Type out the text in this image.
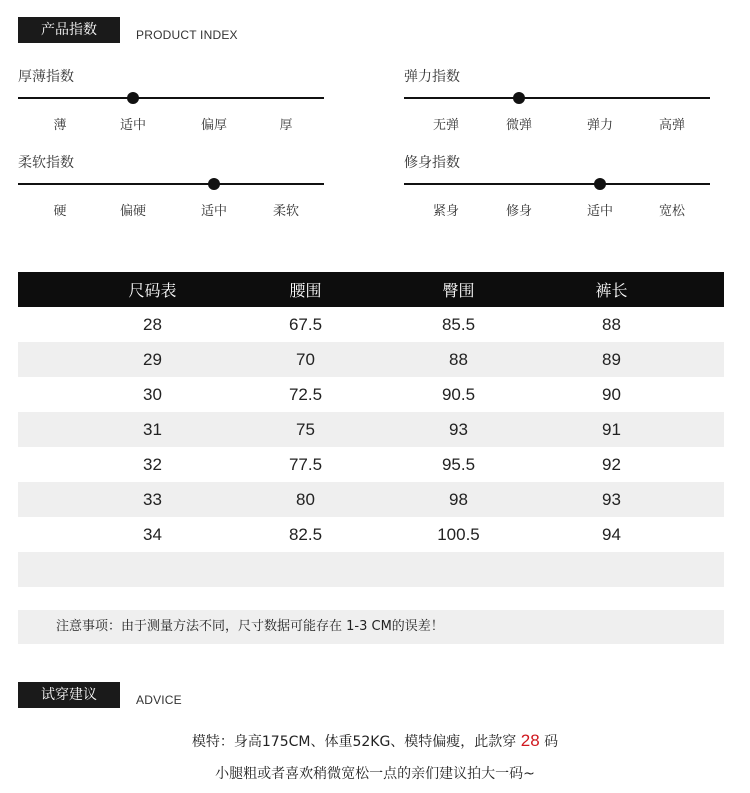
产品指数	PRODUCT INDEX
厚薄指数
薄	适中	偏厚	厚
弹力指数
无弹	微弹	弹力	高弹
柔软指数
硬	偏硬	适中	柔软
修身指数
紧身	修身	适中	宽松
尺码表	腰围	臀围	裤长
28	67.5	85.5	88
29	70	88	89
30	72.5	90.5	90
31	75	93	91
32	77.5	95.5	92
33	80	98	93
34	82.5	100.5	94
注意事项：由于测量方法不同，尺寸数据可能存在 1-3 CM的误差！
试穿建议	ADVICE
模特：身高175CM、体重52KG、模特偏瘦，此款穿 28 码
小腿粗或者喜欢稍微宽松一点的亲们建议拍大一码~
